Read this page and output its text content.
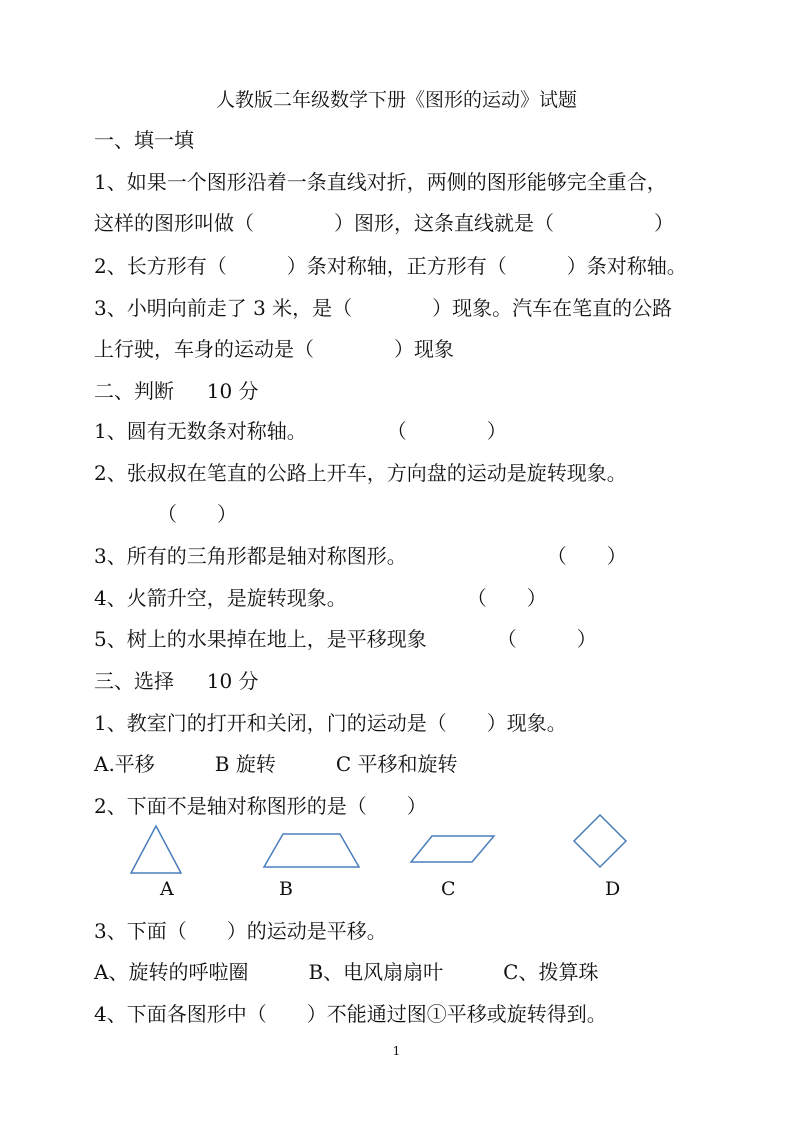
人教版二年级数学下册《图形的运动》试题
一、填一填
1、如果一个图形沿着一条直线对折，两侧的图形能够完全重合，
这样的图形叫做（　　　　）图形，这条直线就是（　　　　　）
2、长方形有（　　　）条对称轴，正方形有（　　　）条对称轴。
3、小明向前走了 3 米，是（　　　　）现象。汽车在笔直的公路
上行驶，车身的运动是（　　　　）现象
二、判断　  10 分
1、圆有无数条对称轴。　　　　　（　　　　）
2、张叔叔在笔直的公路上开车，方向盘的运动是旋转现象。
（　　）
3、所有的三角形都是轴对称图形。　　　　　　　　（　　）
4、火箭升空，是旋转现象。　　　　　　　（　　）
5、树上的水果掉在地上，是平移现象　　　　（　　　）
三、选择　  10 分
1、教室门的打开和关闭，门的运动是（　　）现象。
A.平移　　　B 旋转　　　C 平移和旋转
2、下面不是轴对称图形的是（　　）
A	B	C	D
3、下面（　　）的运动是平移。
A、旋转的呼啦圈　　　B、电风扇扇叶　　　C、拨算珠
4、下面各图形中（　　）不能通过图①平移或旋转得到。
1
